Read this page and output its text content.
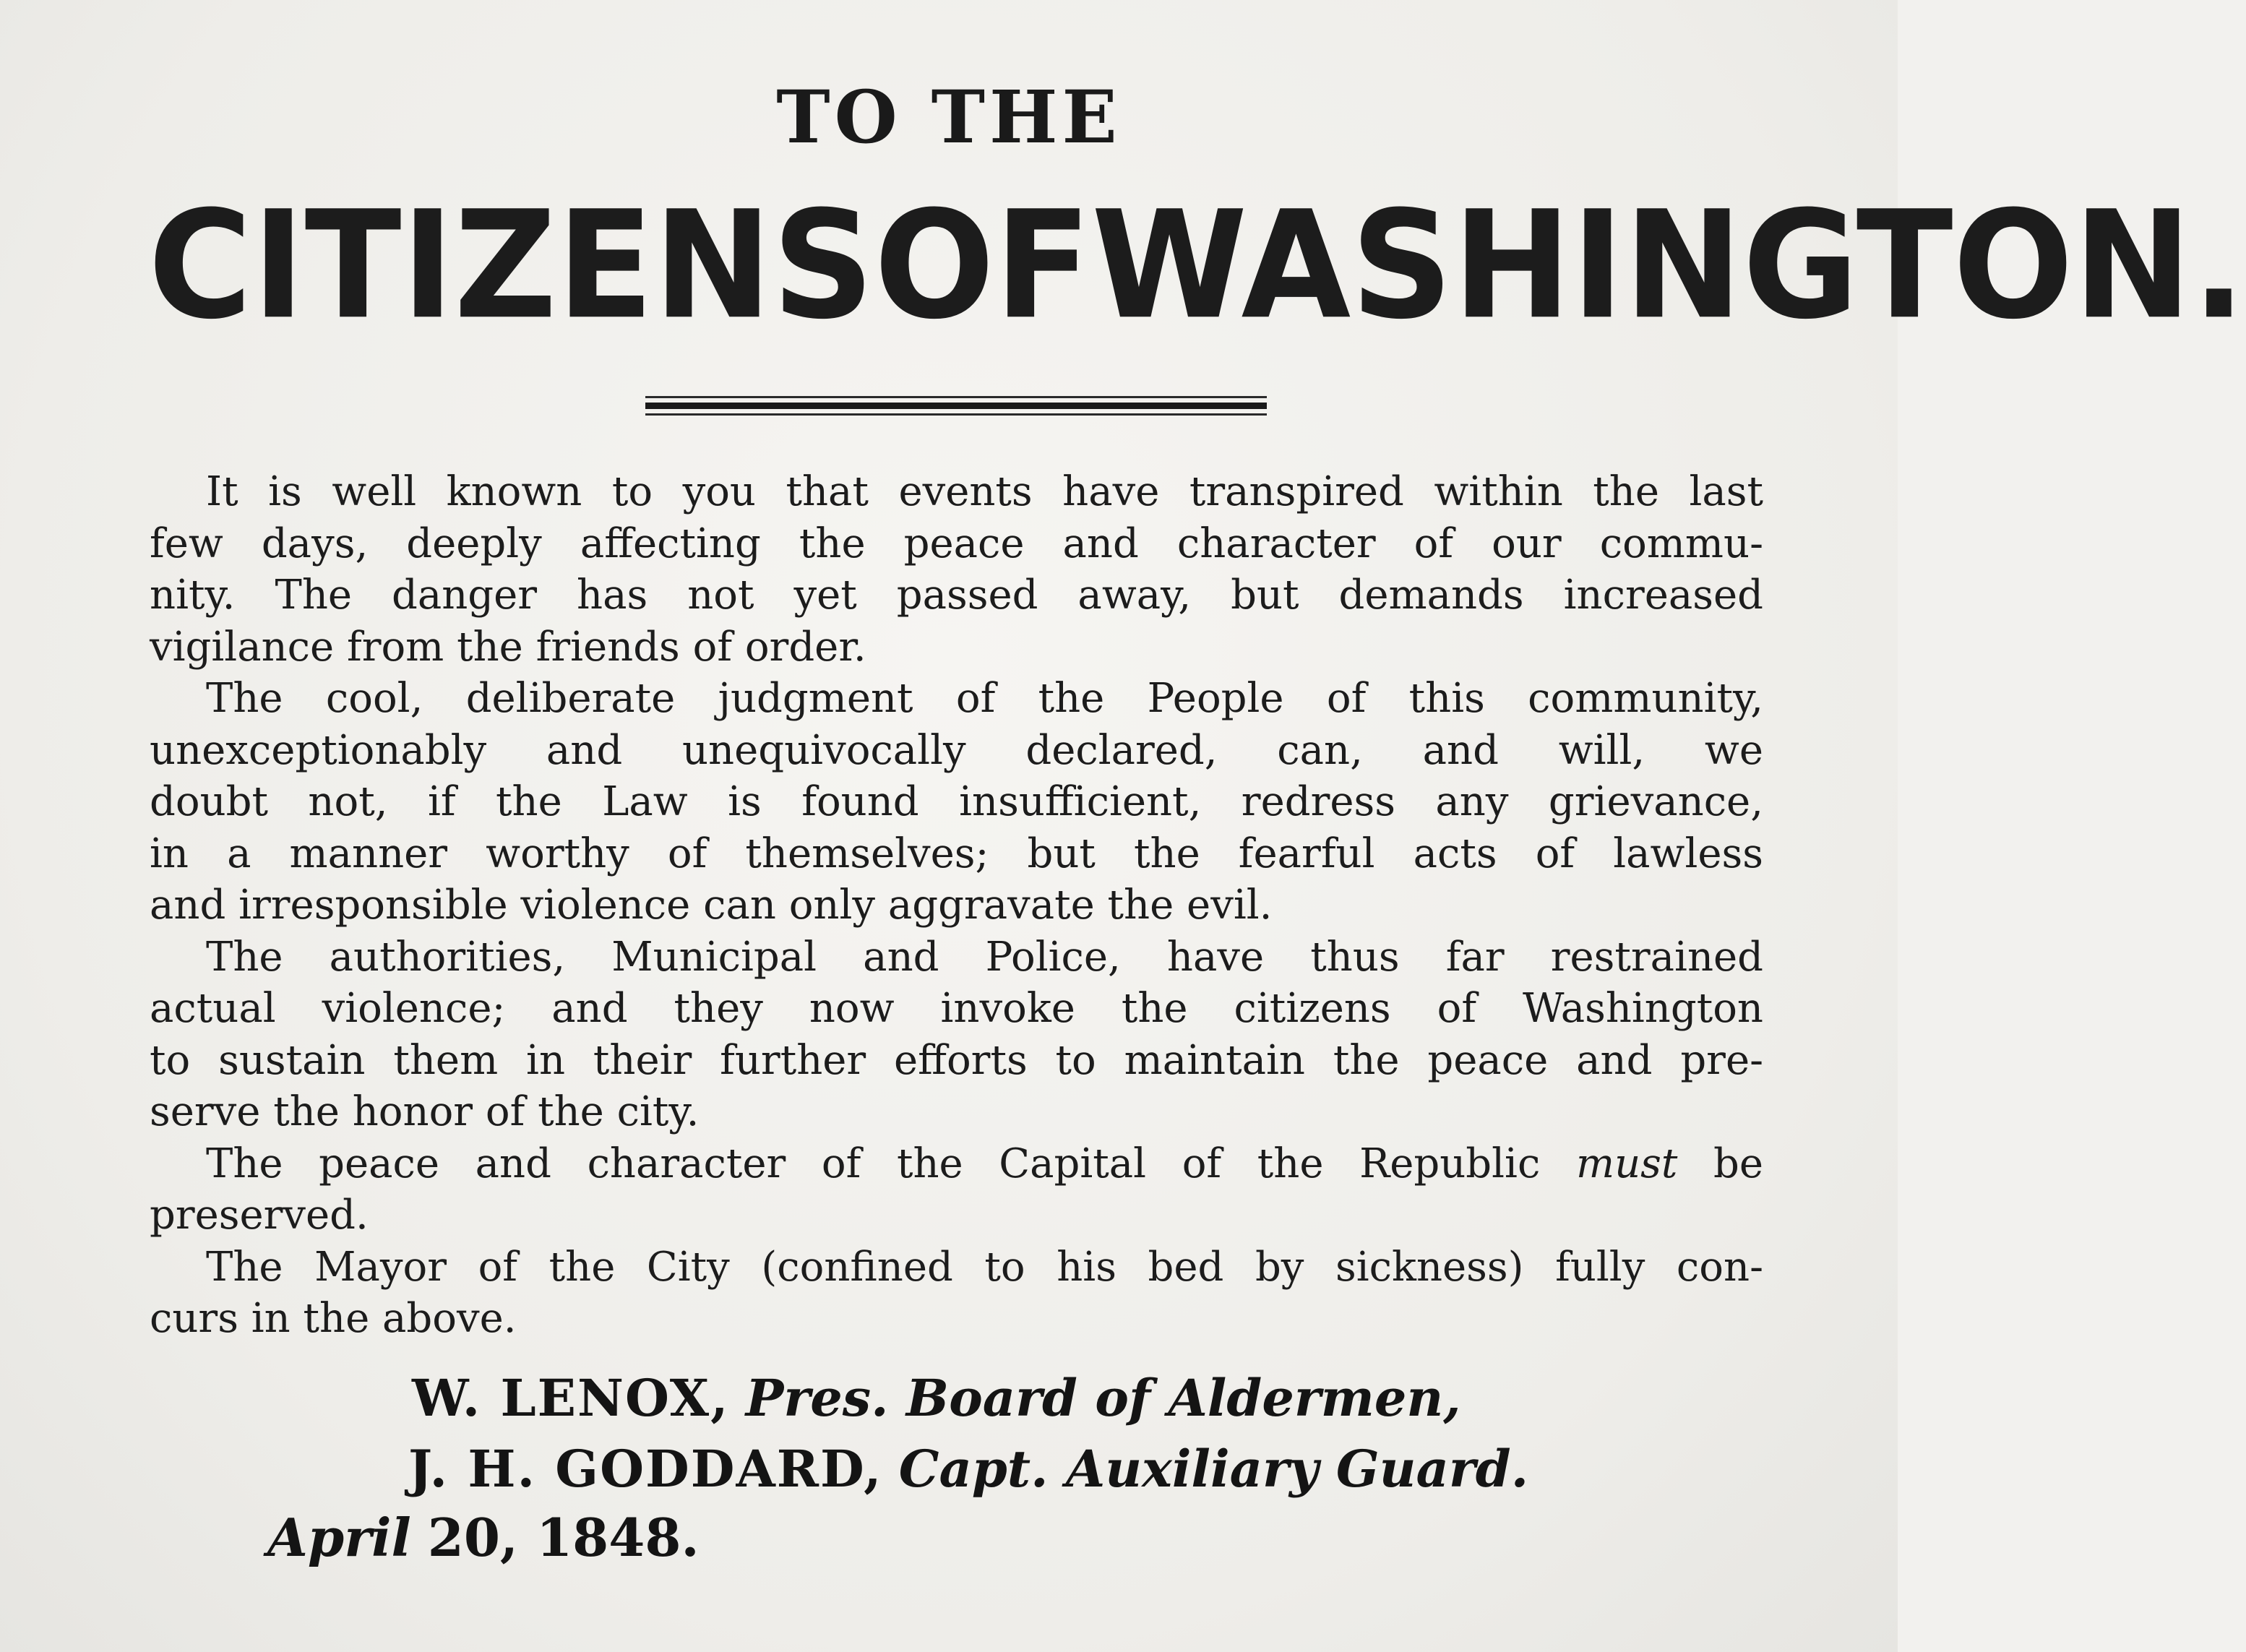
TO THE
CITIZENS OF WASHINGTON.
It is well known to you that events have transpired within the last
few days, deeply affecting the peace and character of our commu-
nity. The danger has not yet passed away, but demands increased
vigilance from the friends of order.
The cool, deliberate judgment of the People of this community,
unexceptionably and unequivocally declared, can, and will, we
doubt not, if the Law is found insufficient, redress any grievance,
in a manner worthy of themselves; but the fearful acts of lawless
and irresponsible violence can only aggravate the evil.
The authorities, Municipal and Police, have thus far restrained
actual violence; and they now invoke the citizens of Washington
to sustain them in their further efforts to maintain the peace and pre-
serve the honor of the city.
The peace and character of the Capital of the Republic must be
preserved.
The Mayor of the City (confined to his bed by sickness) fully con-
curs in the above.
W. LENOX, Pres. Board of Aldermen,
J. H. GODDARD, Capt. Auxiliary Guard.
April 20, 1848.
